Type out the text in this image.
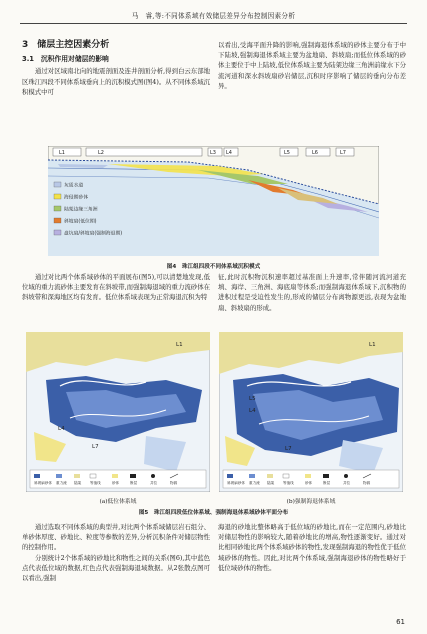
马　睿,等:不同体系域有效储层差异分布控制因素分析
3　储层主控因素分析
3.1　沉积作用对储层的影响

通过对区域南北向的地震剖面及连井剖面分析,得到白云东部地区珠江四段不同体系域垂向上的沉积模式图(图4)。从不同体系域沉积模式中可

以看出,受海平面升降的影响,强制海退体系域的砂体主要分布于中下陆坡,强制海退体系域主要为盆地扇、斜坡扇;而低位体系域的砂体主要位于中上陆坡,低位体系域主要为陆架边缘三角洲前缘水下分流河道和深水斜坡扇砂岩储层,沉积时序影响了储层的垂向分布差异。

L1	L2	L3 L4	L5	L6	L7
灰质水道
海侵期砂体
陆架边缘三角洲
斜坡扇(低位期)
盘坑扇/斜坡扇(强制海退期)
图4　珠江组四段不同体系域沉积模式

通过对比两个体系域砂体的平面展布(图5),可以清楚地发现,低位域的重力流砂体主要发育在斜坡带,而强制海退域的重力流砂体在斜坡带和深海地区均有发育。低位体系域表现为正常海退沉积为特

征,此时沉积物沉积速率超过基准面上升速率,常伴随河流河道充填、海岸、三角洲、海底扇等体系;而强制海退体系域下,沉积物的进积过程是受迫性发生的,形成的储层分布离物源更远,表现为盆地扇、斜坡扇的形成。

L1
L4
L7
斜坡扇砂体 重力流 陆架 等值线	砂体	断层	井位	物源
L1
L5
L4
L7
斜坡扇砂体 重力流 陆架 等值线	砂体	断层	井位	物源
(a)低位体系域	(b)强制海退体系域
图5　珠江组四段低位体系域、强制海退体系域砂体平面分布

通过选取不同体系域的典型井,对比两个体系域储层岩石组分、单砂体厚度、砂地比、粒度等参数的差异,分析沉积条件对储层物性的控制作用。

分别统计2个体系域的砂地比和物性之间的关系(图6),其中蓝色点代表低位域的数据,红色点代表强制海退域数据。从2张散点图可以看出,强制

海退的砂地比整体略高于低位域的砂地比,而在一定范围内,砂地比对储层物性的影响较大,随着砂地比的增高,物性逐渐变好。通过对比相同砂地比两个体系域砂体的物性,发现强制海退的物性优于低位域砂体的物性。因此,对比两个体系域,强制海退砂体的物性略好于低位域砂体的物性。

61
